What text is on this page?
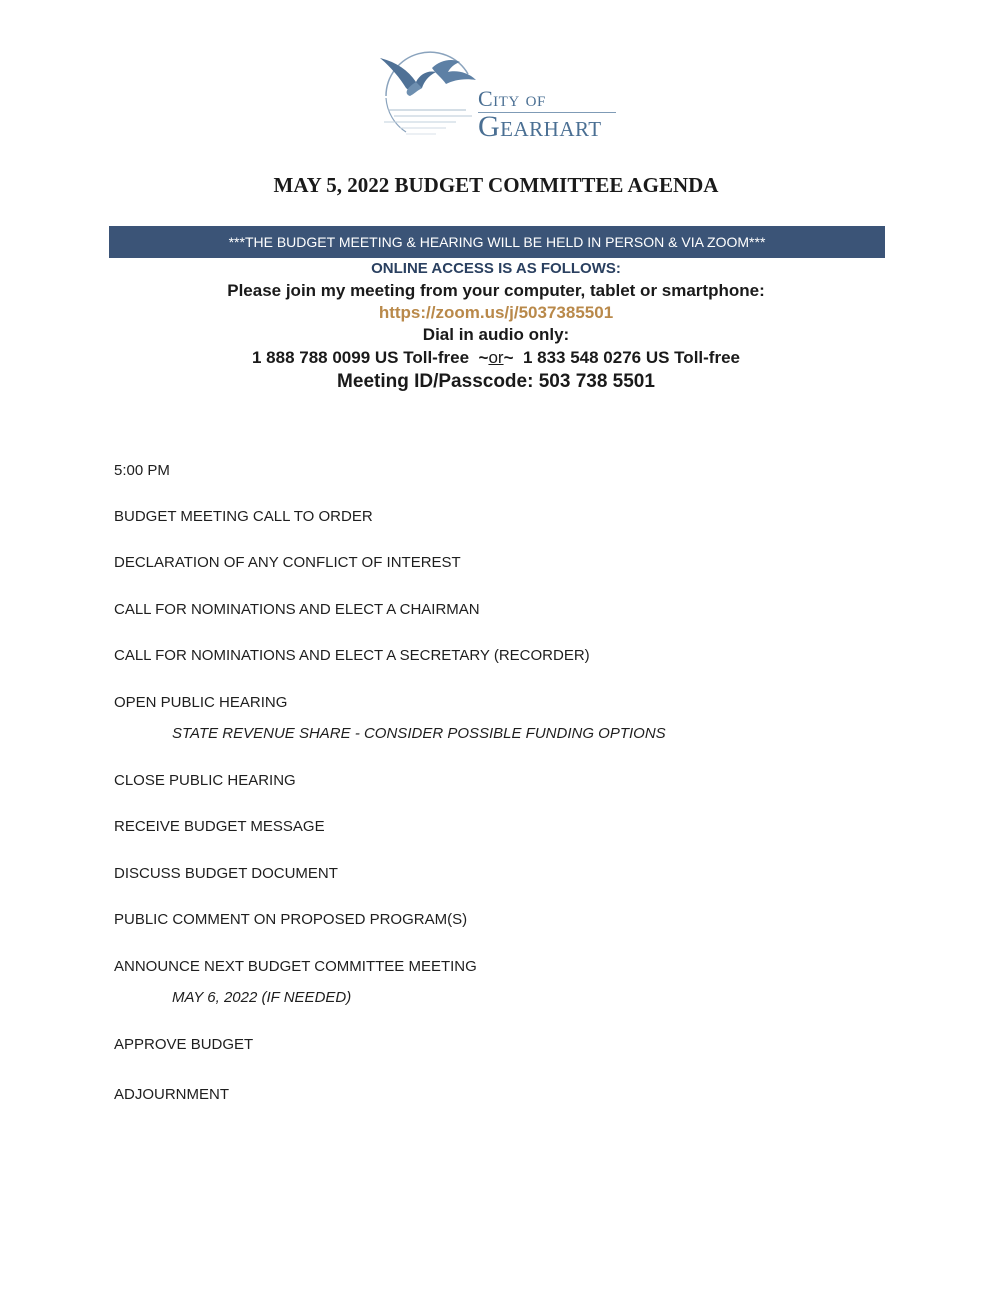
City of
Gearhart
MAY 5, 2022 BUDGET COMMITTEE AGENDA
***THE BUDGET MEETING & HEARING WILL BE HELD IN PERSON & VIA ZOOM***
ONLINE ACCESS IS AS FOLLOWS:
Please join my meeting from your computer, tablet or smartphone:
https://zoom.us/j/5037385501
Dial in audio only:
1 888 788 0099 US Toll-free ~or~ 1 833 548 0276 US Toll-free
Meeting ID/Passcode: 503 738 5501
5:00 PM
BUDGET MEETING CALL TO ORDER
DECLARATION OF ANY CONFLICT OF INTEREST
CALL FOR NOMINATIONS AND ELECT A CHAIRMAN
CALL FOR NOMINATIONS AND ELECT A SECRETARY (RECORDER)
OPEN PUBLIC HEARING
STATE REVENUE SHARE - CONSIDER POSSIBLE FUNDING OPTIONS
CLOSE PUBLIC HEARING
RECEIVE BUDGET MESSAGE
DISCUSS BUDGET DOCUMENT
PUBLIC COMMENT ON PROPOSED PROGRAM(S)
ANNOUNCE NEXT BUDGET COMMITTEE MEETING
MAY 6, 2022 (IF NEEDED)
APPROVE BUDGET
ADJOURNMENT
